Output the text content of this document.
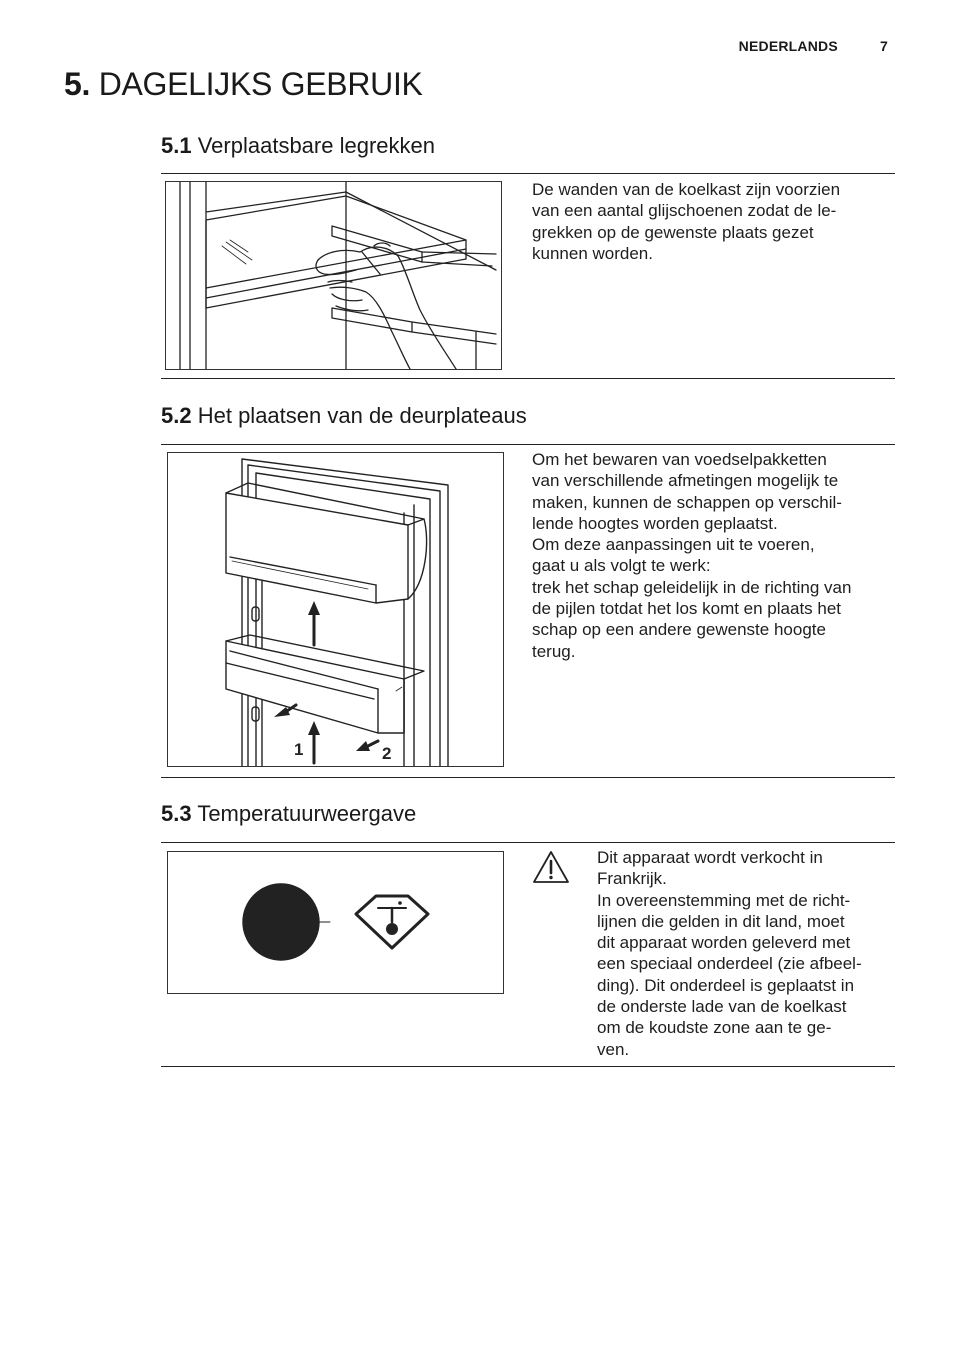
NEDERLANDS	7
5. DAGELIJKS GEBRUIK
5.1 Verplaatsbare legrekken

De wanden van de koelkast zijn voorzien
van een aantal glijschoenen zodat de le-
grekken op de gewenste plaats gezet
kunnen worden.

5.2 Het plaatsen van de deurplateaus
1	2

Om het bewaren van voedselpakketten
van verschillende afmetingen mogelijk te
maken, kunnen de schappen op verschil-
lende hoogtes worden geplaatst.
Om deze aanpassingen uit te voeren,
gaat u als volgt te werk:
trek het schap geleidelijk in de richting van
de pijlen totdat het los komt en plaats het
schap op een andere gewenste hoogte
terug.

5.3 Temperatuurweergave

Dit apparaat wordt verkocht in
Frankrijk.
In overeenstemming met de richt-
lijnen die gelden in dit land, moet
dit apparaat worden geleverd met
een speciaal onderdeel (zie afbeel-
ding). Dit onderdeel is geplaatst in
de onderste lade van de koelkast
om de koudste zone aan te ge-
ven.
